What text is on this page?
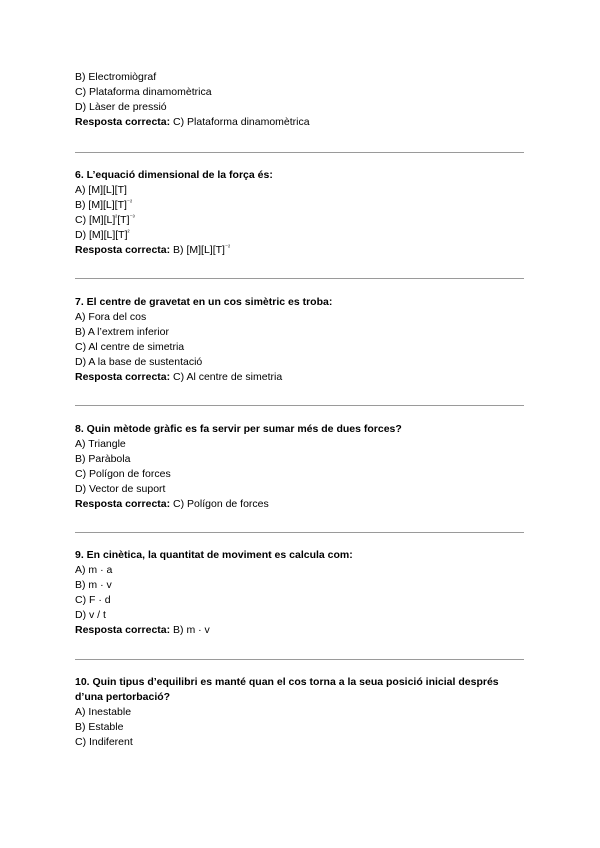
B) Electromiògraf
C) Plataforma dinamomètrica
D) Làser de pressió
Resposta correcta: C) Plataforma dinamomètrica
6. L’equació dimensional de la força és:
A) [M][L][T]
B) $[M][L][T]^{^{-2}}$
C) $[M][L]^{^2}[T]^{^{-3}}$
D) $[M][L][T]^{^2}$
Resposta correcta: B) $[M][L][T]^{^{-2}}$
7. El centre de gravetat en un cos simètric es troba:
A) Fora del cos
B) A l’extrem inferior
C) Al centre de simetria
D) A la base de sustentació
Resposta correcta: C) Al centre de simetria
8. Quin mètode gràfic es fa servir per sumar més de dues forces?
A) Triangle
B) Paràbola
C) Polígon de forces
D) Vector de suport
Resposta correcta: C) Polígon de forces
9. En cinètica, la quantitat de moviment es calcula com:
A) m · a
B) m · v
C) F · d
D) v / t
Resposta correcta: B) m · v
10. Quin tipus d’equilibri es manté quan el cos torna a la seua posició inicial després d’una pertorbació?
A) Inestable
B) Estable
C) Indiferent
